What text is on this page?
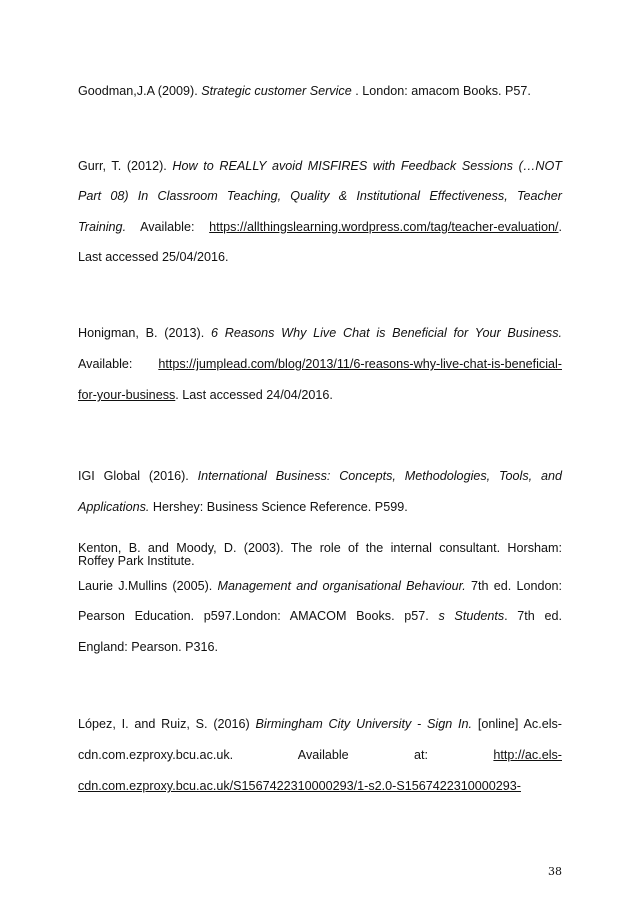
Goodman,J.A (2009). Strategic customer Service . London: amacom Books. P57.

Gurr, T. (2012). How to REALLY avoid MISFIRES with Feedback Sessions (…NOT

Part 08) In Classroom Teaching, Quality & Institutional Effectiveness, Teacher

Training. Available: https://allthingslearning.wordpress.com/tag/teacher-evaluation/.

Last accessed 25/04/2016.

Honigman, B. (2013). 6 Reasons Why Live Chat is Beneficial for Your Business.

Available: https://jumplead.com/blog/2013/11/6-reasons-why-live-chat-is-beneficial-

for-your-business. Last accessed 24/04/2016.

IGI Global (2016). International Business: Concepts, Methodologies, Tools, and

Applications. Hershey: Business Science Reference. P599.

Kenton, B. and Moody, D. (2003). The role of the internal consultant. Horsham:

Roffey Park Institute.

Laurie J.Mullins (2005). Management and organisational Behaviour. 7th ed. London:

Pearson Education. p597.London: AMACOM Books. p57. s Students. 7th ed.

England: Pearson. P316.

López, I. and Ruiz, S. (2016) Birmingham City University - Sign In. [online] Ac.els-

cdn.com.ezproxy.bcu.ac.uk. Available at: http://ac.els-

cdn.com.ezproxy.bcu.ac.uk/S1567422310000293/1-s2.0-S1567422310000293-

38
